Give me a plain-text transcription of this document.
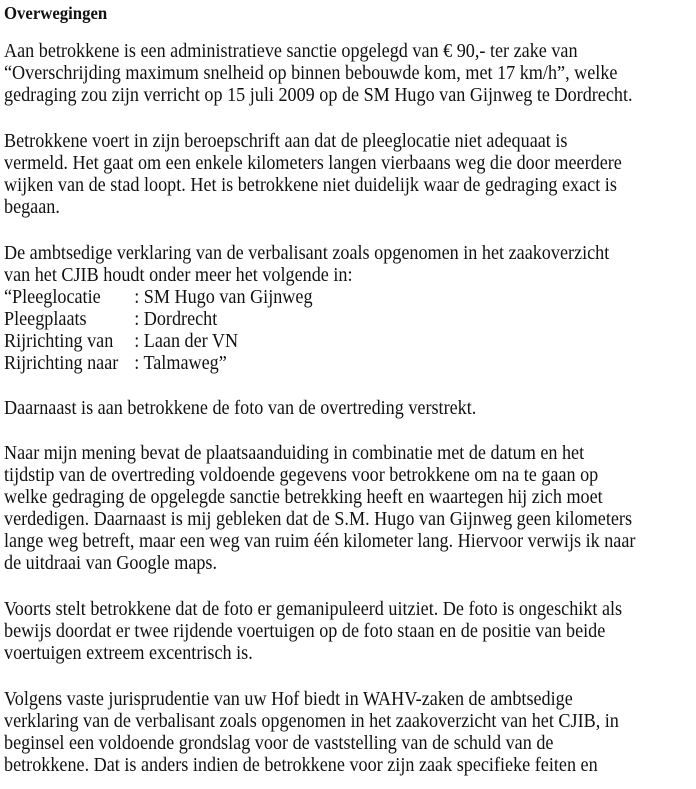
Overwegingen
Aan betrokkene is een administratieve sanctie opgelegd van € 90,- ter zake van
“Overschrijding maximum snelheid op binnen bebouwde kom, met 17 km/h”, welke
gedraging zou zijn verricht op 15 juli 2009 op de SM Hugo van Gijnweg te Dordrecht.
Betrokkene voert in zijn beroepschrift aan dat de pleeglocatie niet adequaat is
vermeld. Het gaat om een enkele kilometers langen vierbaans weg die door meerdere
wijken van de stad loopt. Het is betrokkene niet duidelijk waar de gedraging exact is
begaan.
De ambtsedige verklaring van de verbalisant zoals opgenomen in het zaakoverzicht
van het CJIB houdt onder meer het volgende in:
“Pleeglocatie	: SM Hugo van Gijnweg
Pleegplaats	: Dordrecht
Rijrichting van	: Laan der VN
Rijrichting naar : Talmaweg”
Daarnaast is aan betrokkene de foto van de overtreding verstrekt.
Naar mijn mening bevat de plaatsaanduiding in combinatie met de datum en het
tijdstip van de overtreding voldoende gegevens voor betrokkene om na te gaan op
welke gedraging de opgelegde sanctie betrekking heeft en waartegen hij zich moet
verdedigen. Daarnaast is mij gebleken dat de S.M. Hugo van Gijnweg geen kilometers
lange weg betreft, maar een weg van ruim één kilometer lang. Hiervoor verwijs ik naar
de uitdraai van Google maps.
Voorts stelt betrokkene dat de foto er gemanipuleerd uitziet. De foto is ongeschikt als
bewijs doordat er twee rijdende voertuigen op de foto staan en de positie van beide
voertuigen extreem excentrisch is.
Volgens vaste jurisprudentie van uw Hof biedt in WAHV-zaken de ambtsedige
verklaring van de verbalisant zoals opgenomen in het zaakoverzicht van het CJIB, in
beginsel een voldoende grondslag voor de vaststelling van de schuld van de
betrokkene. Dat is anders indien de betrokkene voor zijn zaak specifieke feiten en
